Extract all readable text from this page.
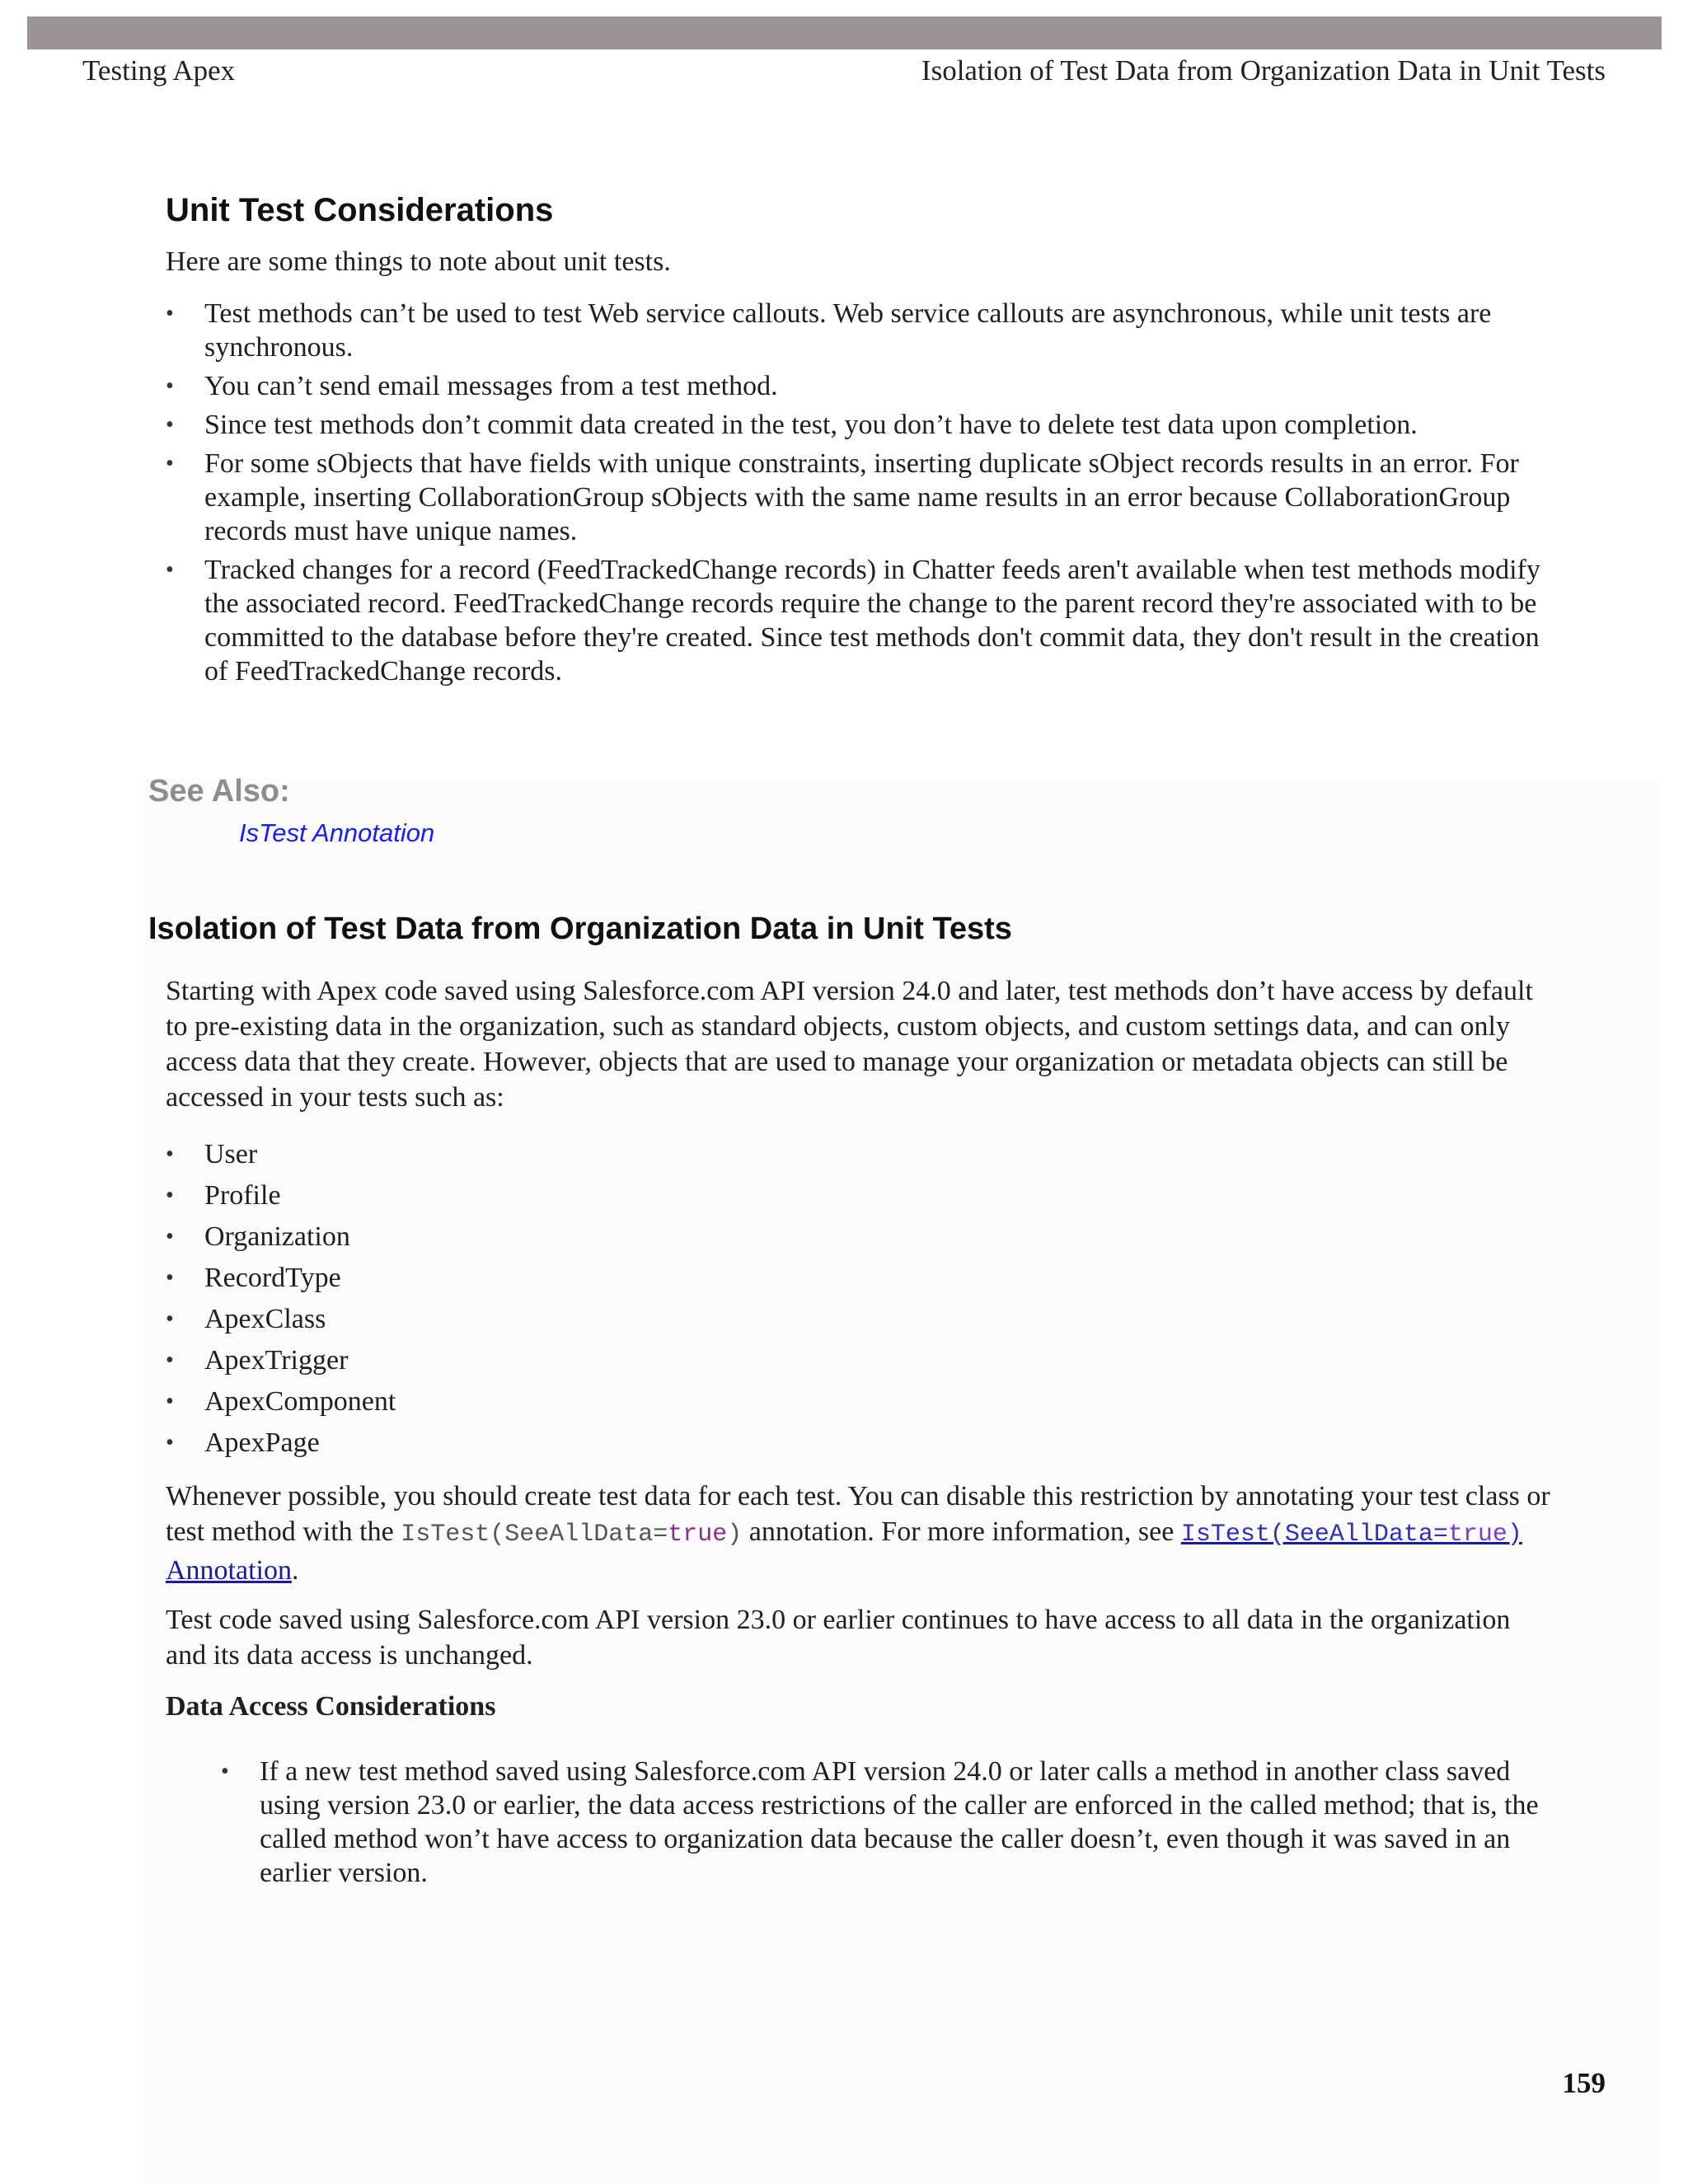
Testing Apex	Isolation of Test Data from Organization Data in Unit Tests
Unit Test Considerations

Here are some things to note about unit tests.

• Test methods can’t be used to test Web service callouts. Web service callouts are asynchronous, while unit tests are synchronous.
• You can’t send email messages from a test method.
• Since test methods don’t commit data created in the test, you don’t have to delete test data upon completion.
• For some sObjects that have fields with unique constraints, inserting duplicate sObject records results in an error. For example, inserting CollaborationGroup sObjects with the same name results in an error because CollaborationGroup records must have unique names.
• Tracked changes for a record (FeedTrackedChange records) in Chatter feeds aren't available when test methods modify the associated record. FeedTrackedChange records require the change to the parent record they're associated with to be committed to the database before they're created. Since test methods don't commit data, they don't result in the creation of FeedTrackedChange records.
See Also:
IsTest Annotation
Isolation of Test Data from Organization Data in Unit Tests

Starting with Apex code saved using Salesforce.com API version 24.0 and later, test methods don’t have access by default to pre-existing data in the organization, such as standard objects, custom objects, and custom settings data, and can only access data that they create. However, objects that are used to manage your organization or metadata objects can still be accessed in your tests such as:

• User
• Profile
• Organization
• RecordType
• ApexClass
• ApexTrigger
• ApexComponent
• ApexPage

Whenever possible, you should create test data for each test. You can disable this restriction by annotating your test class or test method with the IsTest(SeeAllData=true) annotation. For more information, see IsTest(SeeAllData=true) Annotation.

Test code saved using Salesforce.com API version 23.0 or earlier continues to have access to all data in the organization and its data access is unchanged.

Data Access Considerations
• If a new test method saved using Salesforce.com API version 24.0 or later calls a method in another class saved using version 23.0 or earlier, the data access restrictions of the caller are enforced in the called method; that is, the called method won’t have access to organization data because the caller doesn’t, even though it was saved in an earlier version.
159
